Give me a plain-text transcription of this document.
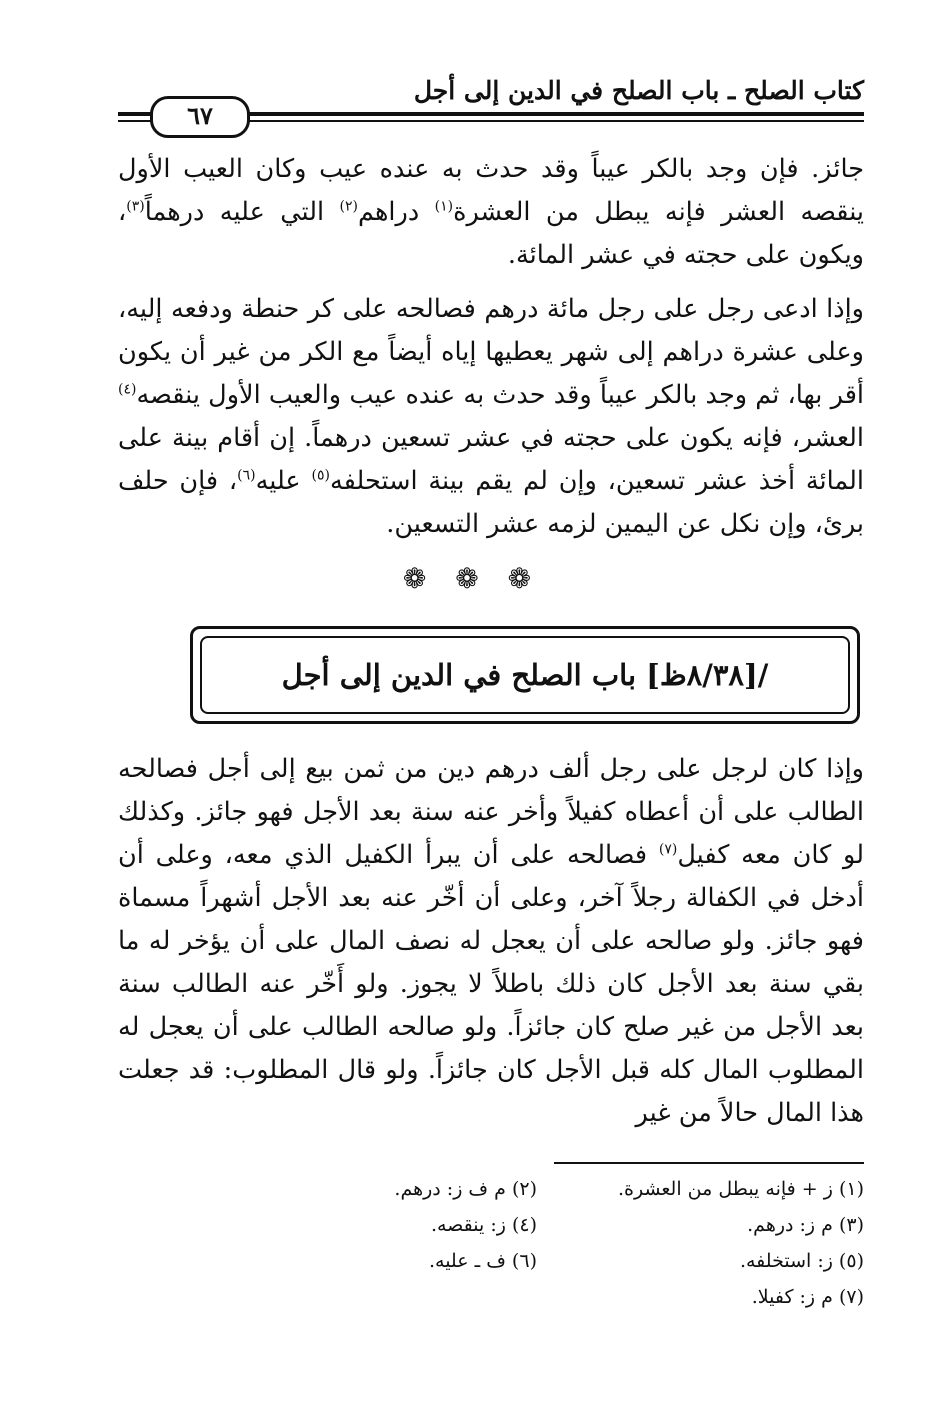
كتاب الصلح ـ باب الصلح في الدين إلى أجل
٦٧

جائز. فإن وجد بالكر عيباً وقد حدث به عنده عيب وكان العيب الأول ينقصه العشر فإنه يبطل من العشرة$^{(١)}$ دراهم$^{(٢)}$ التي عليه درهماً$^{(٣)}$، ويكون على حجته في عشر المائة.

وإذا ادعى رجل على رجل مائة درهم فصالحه على كر حنطة ودفعه إليه، وعلى عشرة دراهم إلى شهر يعطيها إياه أيضاً مع الكر من غير أن يكون أقر بها، ثم وجد بالكر عيباً وقد حدث به عنده عيب والعيب الأول ينقصه$^{(٤)}$ العشر، فإنه يكون على حجته في عشر تسعين درهماً. إن أقام بينة على المائة أخذ عشر تسعين، وإن لم يقم بينة استحلفه$^{(٥)}$ عليه$^{(٦)}$، فإن حلف برئ، وإن نكل عن اليمين لزمه عشر التسعين.

❁ ❁ ❁
/[٨/٣٨ظ] باب الصلح في الدين إلى أجل

وإذا كان لرجل على رجل ألف درهم دين من ثمن بيع إلى أجل فصالحه الطالب على أن أعطاه كفيلاً وأخر عنه سنة بعد الأجل فهو جائز. وكذلك لو كان معه كفيل$^{(٧)}$ فصالحه على أن يبرأ الكفيل الذي معه، وعلى أن أدخل في الكفالة رجلاً آخر، وعلى أن أخّر عنه بعد الأجل أشهراً مسماة فهو جائز. ولو صالحه على أن يعجل له نصف المال على أن يؤخر له ما بقي سنة بعد الأجل كان ذلك باطلاً لا يجوز. ولو أَخّر عنه الطالب سنة بعد الأجل من غير صلح كان جائزاً. ولو صالحه الطالب على أن يعجل له المطلوب المال كله قبل الأجل كان جائزاً. ولو قال المطلوب: قد جعلت هذا المال حالاً من غير

(١) ز + فإنه يبطل من العشرة.
(٢) م ف ز: درهم.
(٣) م ز: درهم.
(٤) ز: ينقصه.
(٥) ز: استخلفه.
(٦) ف ـ عليه.
(٧) م ز: كفيلا.
